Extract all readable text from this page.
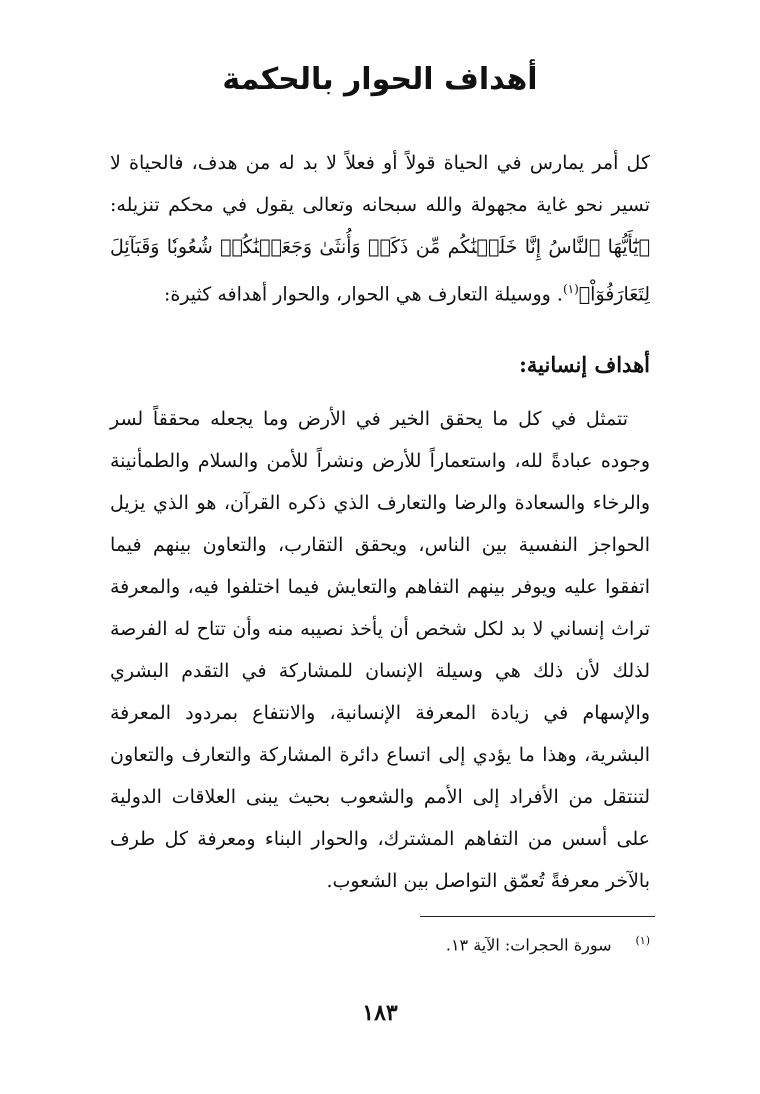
أهداف الحوار بالحكمة
كل أمر يمارس في الحياة قولاً أو فعلاً لا بد له من هدف، فالحياة لا تسير نحو غاية مجهولة والله سبحانه وتعالى يقول في محكم تنزيله: ﴿يَٰٓأَيُّهَا ٱلنَّاسُ إِنَّا خَلَقۡنَٰكُم مِّن ذَكَرٖ وَأُنثَىٰ وَجَعَلۡنَٰكُمۡ شُعُوبٗا وَقَبَآئِلَ لِتَعَارَفُوٓاْ﴾$^{(١)}$. ووسيلة التعارف هي الحوار، والحوار أهدافه كثيرة:
أهداف إنسانية:
تتمثل في كل ما يحقق الخير في الأرض وما يجعله محققاً لسر وجوده عبادةً لله، واستعماراً للأرض ونشراً للأمن والسلام والطمأنينة والرخاء والسعادة والرضا والتعارف الذي ذكره القرآن، هو الذي يزيل الحواجز النفسية بين الناس، ويحقق التقارب، والتعاون بينهم فيما اتفقوا عليه ويوفر بينهم التفاهم والتعايش فيما اختلفوا فيه، والمعرفة تراث إنساني لا بد لكل شخص أن يأخذ نصيبه منه وأن تتاح له الفرصة لذلك لأن ذلك هي وسيلة الإنسان للمشاركة في التقدم البشري والإسهام في زيادة المعرفة الإنسانية، والانتفاع بمردود المعرفة البشرية، وهذا ما يؤدي إلى اتساع دائرة المشاركة والتعارف والتعاون لتنتقل من الأفراد إلى الأمم والشعوب بحيث يبنى العلاقات الدولية على أسس من التفاهم المشترك، والحوار البناء ومعرفة كل طرف بالآخر معرفةً تُعمّق التواصل بين الشعوب.
$^{(١)}$سورة الحجرات: الآية ١٣.
١٨٣
